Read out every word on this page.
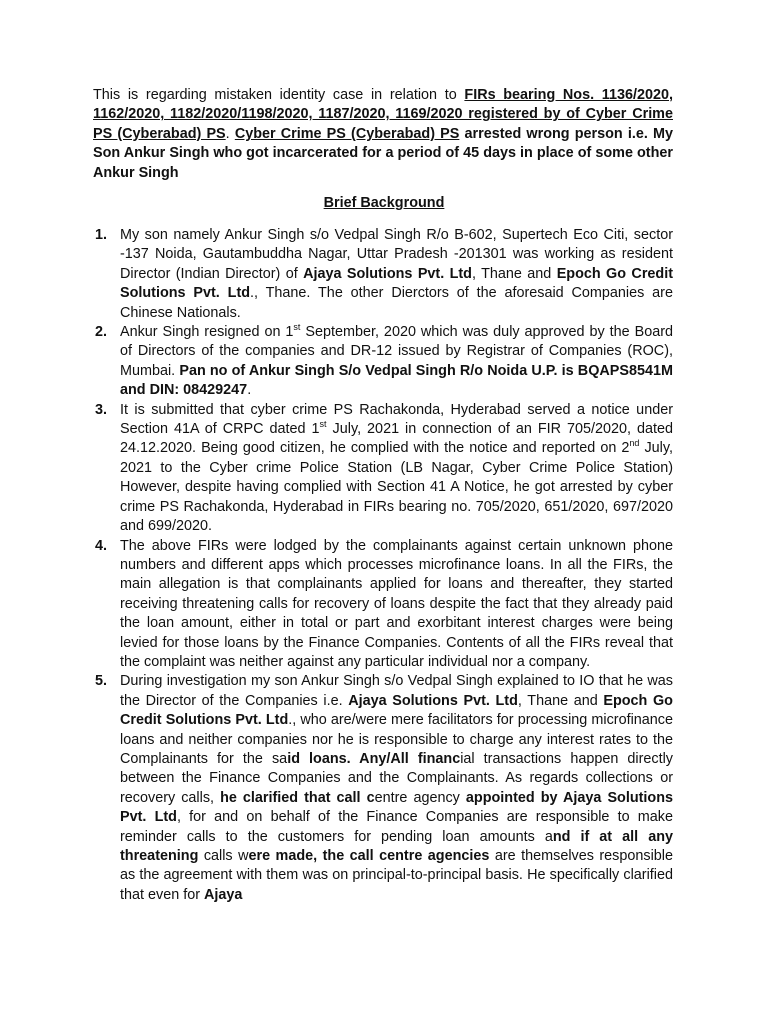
This is regarding mistaken identity case in relation to FIRs bearing Nos. 1136/2020, 1162/2020, 1182/2020/1198/2020, 1187/2020, 1169/2020 registered by of Cyber Crime PS (Cyberabad) PS. Cyber Crime PS (Cyberabad) PS arrested wrong person i.e. My Son Ankur Singh who got incarcerated for a period of 45 days in place of some other Ankur Singh

Brief Background

1. My son namely Ankur Singh s/o Vedpal Singh R/o B-602, Supertech Eco Citi, sector -137 Noida, Gautambuddha Nagar, Uttar Pradesh -201301 was working as resident Director (Indian Director) of Ajaya Solutions Pvt. Ltd, Thane and Epoch Go Credit Solutions Pvt. Ltd., Thane. The other Dierctors of the aforesaid Companies are Chinese Nationals.
2. Ankur Singh resigned on 1st September, 2020 which was duly approved by the Board of Directors of the companies and DR-12 issued by Registrar of Companies (ROC), Mumbai. Pan no of Ankur Singh S/o Vedpal Singh R/o Noida U.P. is BQAPS8541M and DIN: 08429247.
3. It is submitted that cyber crime PS Rachakonda, Hyderabad served a notice under Section 41A of CRPC dated 1st July, 2021 in connection of an FIR 705/2020, dated 24.12.2020. Being good citizen, he complied with the notice and reported on 2nd July, 2021 to the Cyber crime Police Station (LB Nagar, Cyber Crime Police Station) However, despite having complied with Section 41 A Notice, he got arrested by cyber crime PS Rachakonda, Hyderabad in FIRs bearing no. 705/2020, 651/2020, 697/2020 and 699/2020.
4. The above FIRs were lodged by the complainants against certain unknown phone numbers and different apps which processes microfinance loans. In all the FIRs, the main allegation is that complainants applied for loans and thereafter, they started receiving threatening calls for recovery of loans despite the fact that they already paid the loan amount, either in total or part and exorbitant interest charges were being levied for those loans by the Finance Companies. Contents of all the FIRs reveal that the complaint was neither against any particular individual nor a company.
5. During investigation my son Ankur Singh s/o Vedpal Singh explained to IO that he was the Director of the Companies i.e. Ajaya Solutions Pvt. Ltd, Thane and Epoch Go Credit Solutions Pvt. Ltd., who are/were mere facilitators for processing microfinance loans and neither companies nor he is responsible to charge any interest rates to the Complainants for the said loans. Any/All financial transactions happen directly between the Finance Companies and the Complainants. As regards collections or recovery calls, he clarified that call centre agency appointed by Ajaya Solutions Pvt. Ltd, for and on behalf of the Finance Companies are responsible to make reminder calls to the customers for pending loan amounts and if at all any threatening calls were made, the call centre agencies are themselves responsible as the agreement with them was on principal-to-principal basis. He specifically clarified that even for Ajaya
